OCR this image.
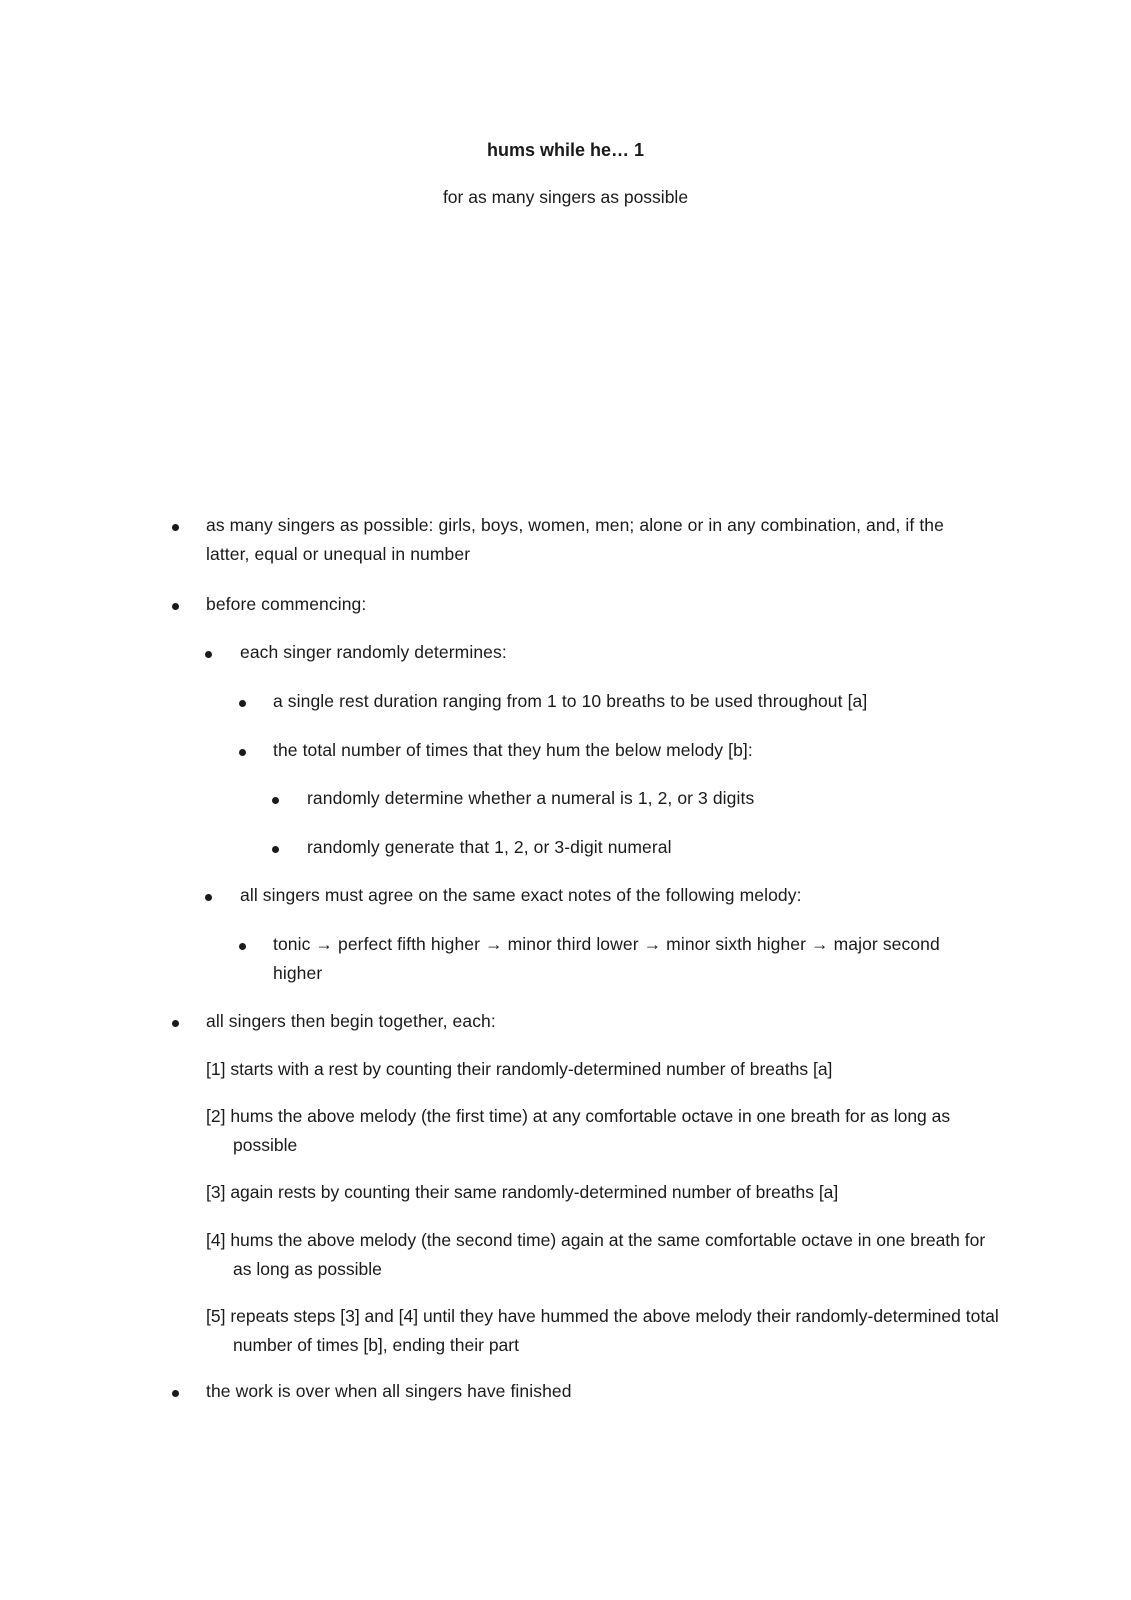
hums while he… 1
for as many singers as possible
as many singers as possible: girls, boys, women, men; alone or in any combination, and, if the latter, equal or unequal in number
before commencing:
each singer randomly determines:
a single rest duration ranging from 1 to 10 breaths to be used throughout [a]
the total number of times that they hum the below melody [b]:
randomly determine whether a numeral is 1, 2, or 3 digits
randomly generate that 1, 2, or 3-digit numeral
all singers must agree on the same exact notes of the following melody:
tonic → perfect fifth higher → minor third lower → minor sixth higher → major second higher
all singers then begin together, each:
[1] starts with a rest by counting their randomly-determined number of breaths [a]
[2] hums the above melody (the first time) at any comfortable octave in one breath for as long as possible
[3] again rests by counting their same randomly-determined number of breaths [a]
[4] hums the above melody (the second time) again at the same comfortable octave in one breath for as long as possible
[5] repeats steps [3] and [4] until they have hummed the above melody their randomly-determined total number of times [b], ending their part
the work is over when all singers have finished
